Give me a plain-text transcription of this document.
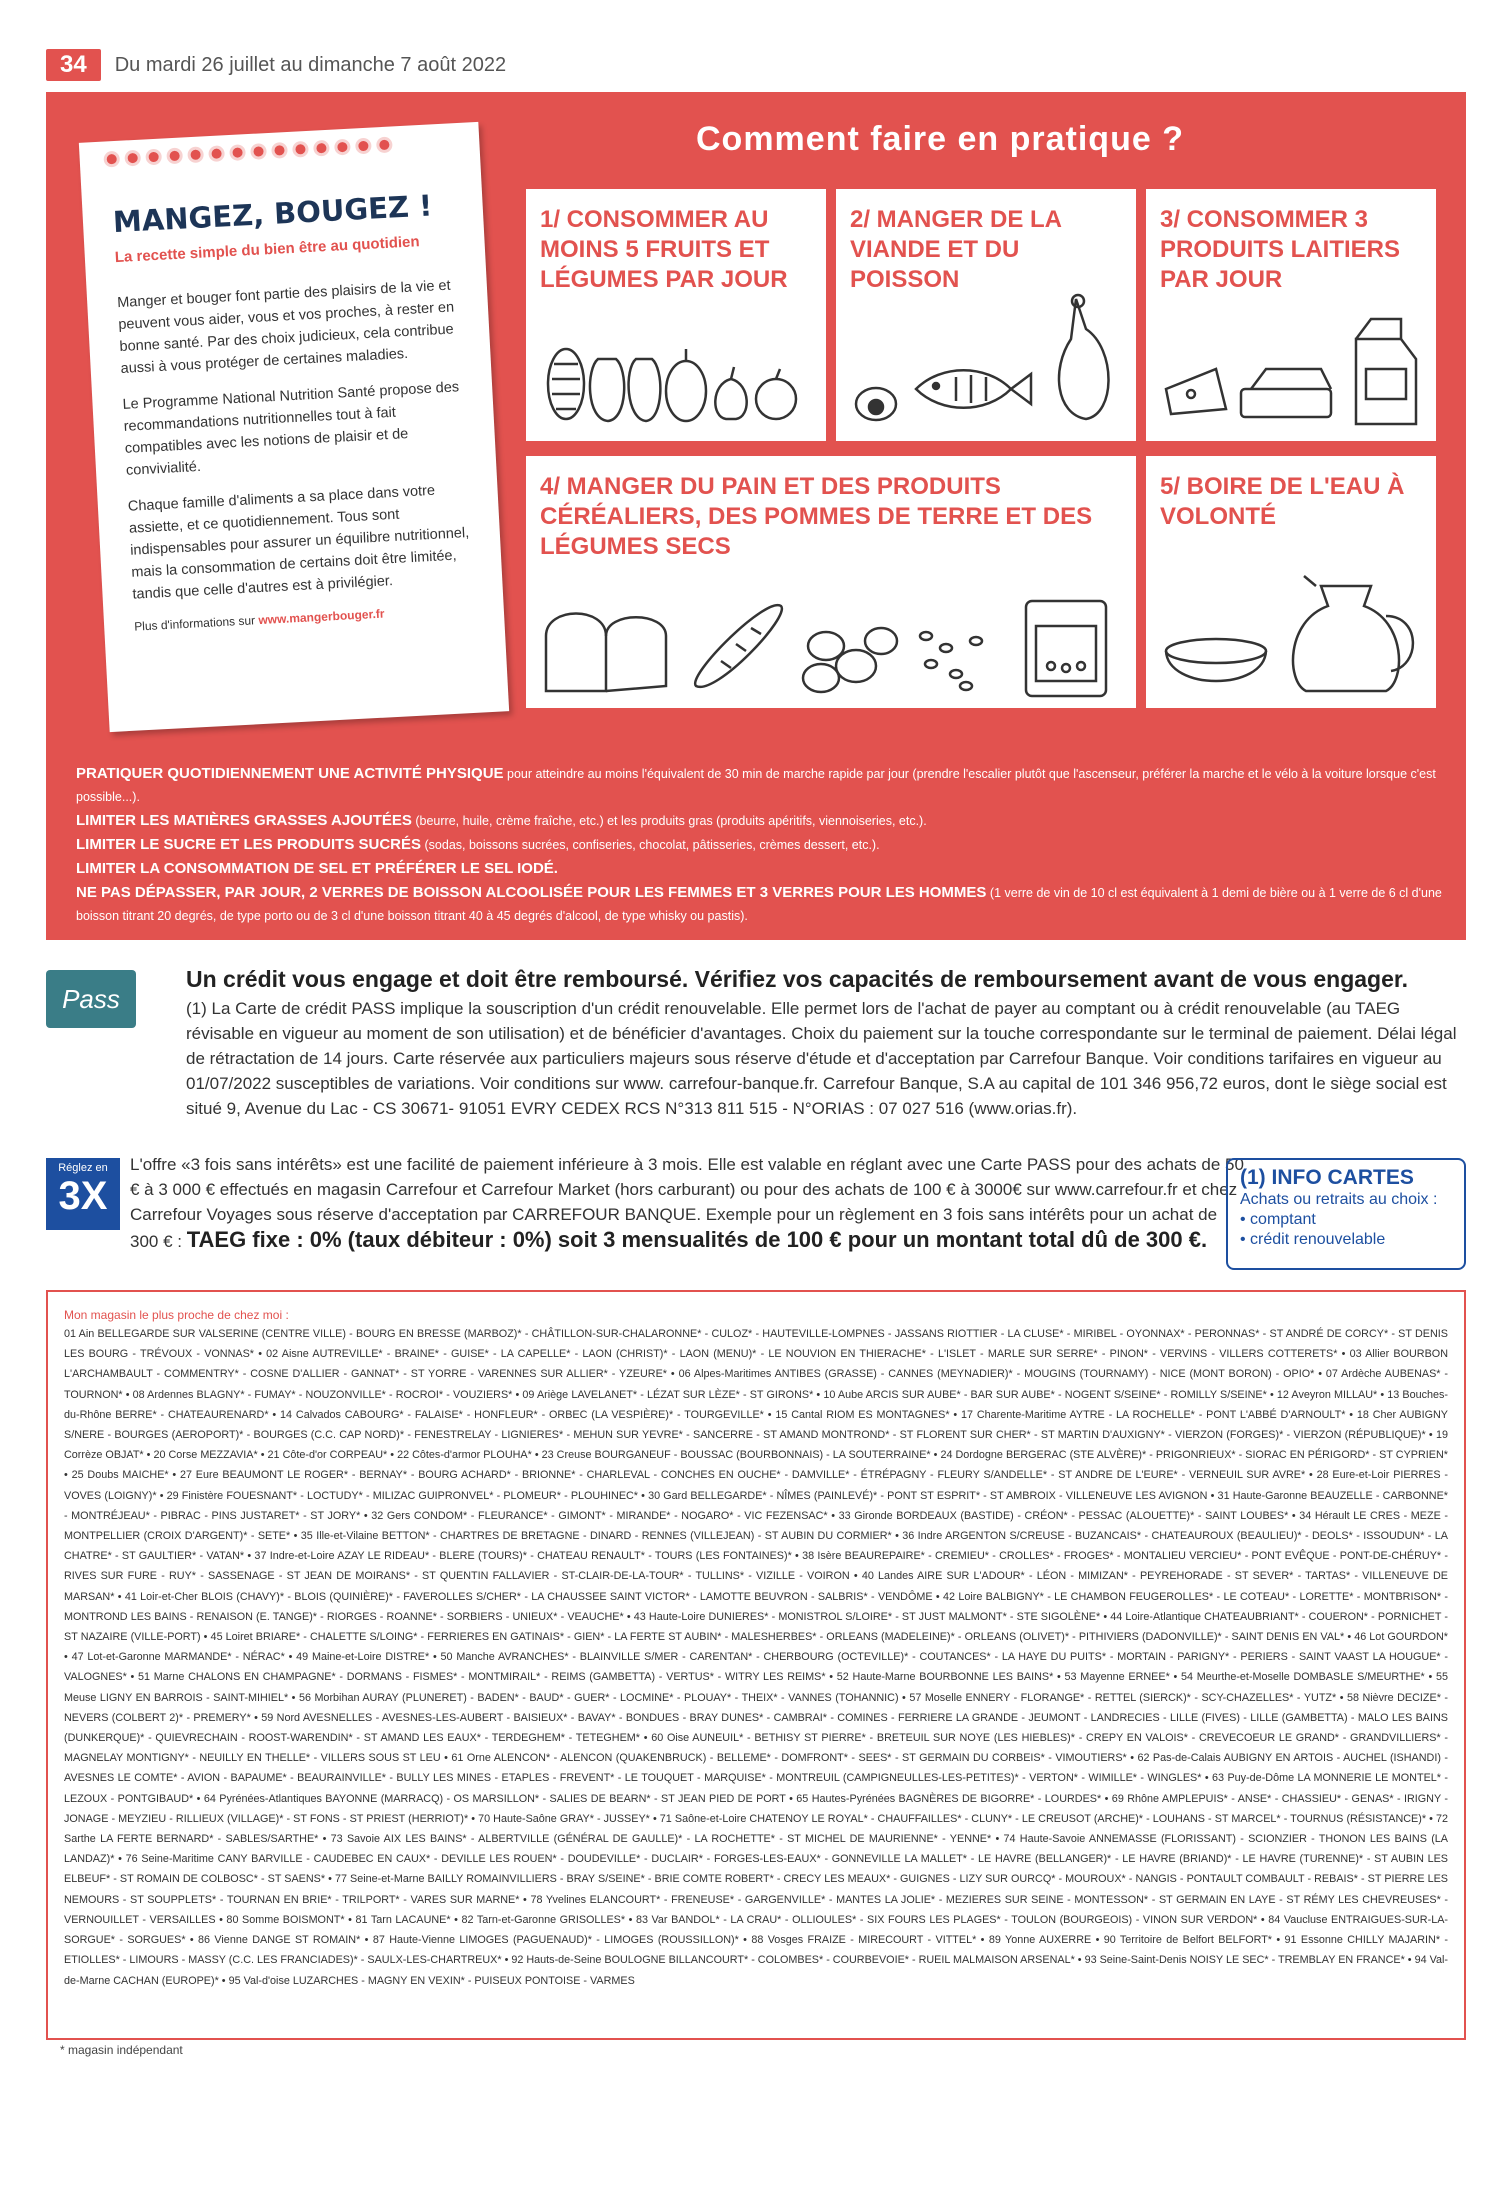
34	Du mardi 26 juillet au dimanche 7 août 2022
MANGEZ, BOUGEZ !
La recette simple du bien être au quotidien

Manger et bouger font partie des plaisirs de la vie et peuvent vous aider, vous et vos proches, à rester en bonne santé. Par des choix judicieux, cela contribue aussi à vous protéger de certaines maladies.

Le Programme National Nutrition Santé propose des recommandations nutritionnelles tout à fait compatibles avec les notions de plaisir et de convivialité.

Chaque famille d'aliments a sa place dans votre assiette, et ce quotidiennement. Tous sont indispensables pour assurer un équilibre nutritionnel, mais la consommation de certains doit être limitée, tandis que celle d'autres est à privilégier.

Plus d'informations sur www.mangerbouger.fr
Comment faire en pratique ?
1/ CONSOMMER AU MOINS 5 FRUITS ET LÉGUMES PAR JOUR
2/ MANGER DE LA VIANDE ET DU POISSON
3/ CONSOMMER 3 PRODUITS LAITIERS PAR JOUR
4/ MANGER DU PAIN ET DES PRODUITS CÉRÉALIERS, DES POMMES DE TERRE ET DES LÉGUMES SECS
5/ BOIRE DE L'EAU À VOLONTÉ
PRATIQUER QUOTIDIENNEMENT UNE ACTIVITÉ PHYSIQUE pour atteindre au moins l'équivalent de 30 min de marche rapide par jour (prendre l'escalier plutôt que l'ascenseur, préférer la marche et le vélo à la voiture lorsque c'est possible...).
LIMITER LES MATIÈRES GRASSES AJOUTÉES (beurre, huile, crème fraîche, etc.) et les produits gras (produits apéritifs, viennoiseries, etc.).
LIMITER LE SUCRE ET LES PRODUITS SUCRÉS (sodas, boissons sucrées, confiseries, chocolat, pâtisseries, crèmes dessert, etc.).
LIMITER LA CONSOMMATION DE SEL ET PRÉFÉRER LE SEL IODÉ.
NE PAS DÉPASSER, PAR JOUR, 2 VERRES DE BOISSON ALCOOLISÉE POUR LES FEMMES ET 3 VERRES POUR LES HOMMES (1 verre de vin de 10 cl est équivalent à 1 demi de bière ou à 1 verre de 6 cl d'une boisson titrant 20 degrés, de type porto ou de 3 cl d'une boisson titrant 40 à 45 degrés d'alcool, de type whisky ou pastis).
Pass
Un crédit vous engage et doit être remboursé. Vérifiez vos capacités de remboursement avant de vous engager.
(1) La Carte de crédit PASS implique la souscription d'un crédit renouvelable. Elle permet lors de l'achat de payer au comptant ou à crédit renouvelable (au TAEG révisable en vigueur au moment de son utilisation) et de bénéficier d'avantages. Choix du paiement sur la touche correspondante sur le terminal de paiement. Délai légal de rétractation de 14 jours. Carte réservée aux particuliers majeurs sous réserve d'étude et d'acceptation par Carrefour Banque. Voir conditions tarifaires en vigueur au 01/07/2022 susceptibles de variations. Voir conditions sur www. carrefour-banque.fr. Carrefour Banque, S.A au capital de 101 346 956,72 euros, dont le siège social est situé 9, Avenue du Lac - CS 30671- 91051 EVRY CEDEX RCS N°313 811 515 - N°ORIAS : 07 027 516 (www.orias.fr).
Réglez en
3X
L'offre «3 fois sans intérêts» est une facilité de paiement inférieure à 3 mois. Elle est valable en réglant avec une Carte PASS pour des achats de 50 € à 3 000 € effectués en magasin Carrefour et Carrefour Market (hors carburant) ou pour des achats de 100 € à 3000€ sur www.carrefour.fr et chez Carrefour Voyages sous réserve d'acceptation par CARREFOUR BANQUE. Exemple pour un règlement en 3 fois sans intérêts pour un achat de 300 € : TAEG fixe : 0% (taux débiteur : 0%) soit 3 mensualités de 100 € pour un montant total dû de 300 €.
(1) INFO CARTES
Achats ou retraits au choix :
• comptant
• crédit renouvelable
Mon magasin le plus proche de chez moi :
01 Ain BELLEGARDE SUR VALSERINE (CENTRE VILLE) - BOURG EN BRESSE (MARBOZ)* - CHÂTILLON-SUR-CHALARONNE* - CULOZ* - HAUTEVILLE-LOMPNES - JASSANS RIOTTIER - LA CLUSE* - MIRIBEL - OYONNAX* - PERONNAS* - ST ANDRÉ DE CORCY* - ST DENIS LES BOURG - TRÉVOUX - VONNAS* • 02 Aisne AUTREVILLE* - BRAINE* - GUISE* - LA CAPELLE* - LAON (CHRIST)* - LAON (MENU)* - LE NOUVION EN THIERACHE* - L'ISLET - MARLE SUR SERRE* - PINON* - VERVINS - VILLERS COTTERETS* • 03 Allier BOURBON L'ARCHAMBAULT - COMMENTRY* - COSNE D'ALLIER - GANNAT* - ST YORRE - VARENNES SUR ALLIER* - YZEURE* • 06 Alpes-Maritimes ANTIBES (GRASSE) - CANNES (MEYNADIER)* - MOUGINS (TOURNAMY) - NICE (MONT BORON) - OPIO* • 07 Ardèche AUBENAS* - TOURNON* • 08 Ardennes BLAGNY* - FUMAY* - NOUZONVILLE* - ROCROI* - VOUZIERS* • 09 Ariège LAVELANET* - LÉZAT SUR LÈZE* - ST GIRONS* • 10 Aube ARCIS SUR AUBE* - BAR SUR AUBE* - NOGENT S/SEINE* - ROMILLY S/SEINE* • 12 Aveyron MILLAU* • 13 Bouches-du-Rhône BERRE* - CHATEAURENARD* • 14 Calvados CABOURG* - FALAISE* - HONFLEUR* - ORBEC (LA VESPIÈRE)* - TOURGEVILLE* • 15 Cantal RIOM ES MONTAGNES* • 17 Charente-Maritime AYTRE - LA ROCHELLE* - PONT L'ABBÉ D'ARNOULT* • 18 Cher AUBIGNY S/NERE - BOURGES (AEROPORT)* - BOURGES (C.C. CAP NORD)* - FENESTRELAY - LIGNIERES* - MEHUN SUR YEVRE* - SANCERRE - ST AMAND MONTROND* - ST FLORENT SUR CHER* - ST MARTIN D'AUXIGNY* - VIERZON (FORGES)* - VIERZON (RÉPUBLIQUE)* • 19 Corrèze OBJAT* • 20 Corse MEZZAVIA* • 21 Côte-d'or CORPEAU* • 22 Côtes-d'armor PLOUHA* • 23 Creuse BOURGANEUF - BOUSSAC (BOURBONNAIS) - LA SOUTERRAINE* • 24 Dordogne BERGERAC (STE ALVÈRE)* - PRIGONRIEUX* - SIORAC EN PÉRIGORD* - ST CYPRIEN* • 25 Doubs MAICHE* • 27 Eure BEAUMONT LE ROGER* - BERNAY* - BOURG ACHARD* - BRIONNE* - CHARLEVAL - CONCHES EN OUCHE* - DAMVILLE* - ÉTRÉPAGNY - FLEURY S/ANDELLE* - ST ANDRE DE L'EURE* - VERNEUIL SUR AVRE* • 28 Eure-et-Loir PIERRES - VOVES (LOIGNY)* • 29 Finistère FOUESNANT* - LOCTUDY* - MILIZAC GUIPRONVEL* - PLOMEUR* - PLOUHINEC* • 30 Gard BELLEGARDE* - NÎMES (PAINLEVÉ)* - PONT ST ESPRIT* - ST AMBROIX - VILLENEUVE LES AVIGNON • 31 Haute-Garonne BEAUZELLE - CARBONNE* - MONTRÉJEAU* - PIBRAC - PINS JUSTARET* - ST JORY* • 32 Gers CONDOM* - FLEURANCE* - GIMONT* - MIRANDE* - NOGARO* - VIC FEZENSAC* • 33 Gironde BORDEAUX (BASTIDE) - CRÉON* - PESSAC (ALOUETTE)* - SAINT LOUBES* • 34 Hérault LE CRES - MEZE - MONTPELLIER (CROIX D'ARGENT)* - SETE* • 35 Ille-et-Vilaine BETTON* - CHARTRES DE BRETAGNE - DINARD - RENNES (VILLEJEAN) - ST AUBIN DU CORMIER* • 36 Indre ARGENTON S/CREUSE - BUZANCAIS* - CHATEAUROUX (BEAULIEU)* - DEOLS* - ISSOUDUN* - LA CHATRE* - ST GAULTIER* - VATAN* • 37 Indre-et-Loire AZAY LE RIDEAU* - BLERE (TOURS)* - CHATEAU RENAULT* - TOURS (LES FONTAINES)* • 38 Isère BEAUREPAIRE* - CREMIEU* - CROLLES* - FROGES* - MONTALIEU VERCIEU* - PONT EVÊQUE - PONT-DE-CHÉRUY* - RIVES SUR FURE - RUY* - SASSENAGE - ST JEAN DE MOIRANS* - ST QUENTIN FALLAVIER - ST-CLAIR-DE-LA-TOUR* - TULLINS* - VIZILLE - VOIRON • 40 Landes AIRE SUR L'ADOUR* - LÉON - MIMIZAN* - PEYREHORADE - ST SEVER* - TARTAS* - VILLENEUVE DE MARSAN* • 41 Loir-et-Cher BLOIS (CHAVY)* - BLOIS (QUINIÈRE)* - FAVEROLLES S/CHER* - LA CHAUSSEE SAINT VICTOR* - LAMOTTE BEUVRON - SALBRIS* - VENDÔME • 42 Loire BALBIGNY* - LE CHAMBON FEUGEROLLES* - LE COTEAU* - LORETTE* - MONTBRISON* - MONTROND LES BAINS - RENAISON (E. TANGE)* - RIORGES - ROANNE* - SORBIERS - UNIEUX* - VEAUCHE* • 43 Haute-Loire DUNIERES* - MONISTROL S/LOIRE* - ST JUST MALMONT* - STE SIGOLÈNE* • 44 Loire-Atlantique CHATEAUBRIANT* - COUERON* - PORNICHET - ST NAZAIRE (VILLE-PORT) • 45 Loiret BRIARE* - CHALETTE S/LOING* - FERRIERES EN GATINAIS* - GIEN* - LA FERTE ST AUBIN* - MALESHERBES* - ORLEANS (MADELEINE)* - ORLEANS (OLIVET)* - PITHIVIERS (DADONVILLE)* - SAINT DENIS EN VAL* • 46 Lot GOURDON* • 47 Lot-et-Garonne MARMANDE* - NÉRAC* • 49 Maine-et-Loire DISTRE* • 50 Manche AVRANCHES* - BLAINVILLE S/MER - CARENTAN* - CHERBOURG (OCTEVILLE)* - COUTANCES* - LA HAYE DU PUITS* - MORTAIN - PARIGNY* - PERIERS - SAINT VAAST LA HOUGUE* - VALOGNES* • 51 Marne CHALONS EN CHAMPAGNE* - DORMANS - FISMES* - MONTMIRAIL* - REIMS (GAMBETTA) - VERTUS* - WITRY LES REIMS* • 52 Haute-Marne BOURBONNE LES BAINS* • 53 Mayenne ERNEE* • 54 Meurthe-et-Moselle DOMBASLE S/MEURTHE* • 55 Meuse LIGNY EN BARROIS - SAINT-MIHIEL* • 56 Morbihan AURAY (PLUNERET) - BADEN* - BAUD* - GUER* - LOCMINE* - PLOUAY* - THEIX* - VANNES (TOHANNIC) • 57 Moselle ENNERY - FLORANGE* - RETTEL (SIERCK)* - SCY-CHAZELLES* - YUTZ* • 58 Nièvre DECIZE* - NEVERS (COLBERT 2)* - PREMERY* • 59 Nord AVESNELLES - AVESNES-LES-AUBERT - BAISIEUX* - BAVAY* - BONDUES - BRAY DUNES* - CAMBRAI* - COMINES - FERRIERE LA GRANDE - JEUMONT - LANDRECIES - LILLE (FIVES) - LILLE (GAMBETTA) - MALO LES BAINS (DUNKERQUE)* - QUIEVRECHAIN - ROOST-WARENDIN* - ST AMAND LES EAUX* - TERDEGHEM* - TETEGHEM* • 60 Oise AUNEUIL* - BETHISY ST PIERRE* - BRETEUIL SUR NOYE (LES HIEBLES)* - CREPY EN VALOIS* - CREVECOEUR LE GRAND* - GRANDVILLIERS* - MAGNELAY MONTIGNY* - NEUILLY EN THELLE* - VILLERS SOUS ST LEU • 61 Orne ALENCON* - ALENCON (QUAKENBRUCK) - BELLEME* - DOMFRONT* - SEES* - ST GERMAIN DU CORBEIS* - VIMOUTIERS* • 62 Pas-de-Calais AUBIGNY EN ARTOIS - AUCHEL (ISHANDI) - AVESNES LE COMTE* - AVION - BAPAUME* - BEAURAINVILLE* - BULLY LES MINES - ETAPLES - FREVENT* - LE TOUQUET - MARQUISE* - MONTREUIL (CAMPIGNEULLES-LES-PETITES)* - VERTON* - WIMILLE* - WINGLES* • 63 Puy-de-Dôme LA MONNERIE LE MONTEL* - LEZOUX - PONTGIBAUD* • 64 Pyrénées-Atlantiques BAYONNE (MARRACQ) - OS MARSILLON* - SALIES DE BEARN* - ST JEAN PIED DE PORT • 65 Hautes-Pyrénées BAGNÈRES DE BIGORRE* - LOURDES* • 69 Rhône AMPLEPUIS* - ANSE* - CHASSIEU* - GENAS* - IRIGNY - JONAGE - MEYZIEU - RILLIEUX (VILLAGE)* - ST FONS - ST PRIEST (HERRIOT)* • 70 Haute-Saône GRAY* - JUSSEY* • 71 Saône-et-Loire CHATENOY LE ROYAL* - CHAUFFAILLES* - CLUNY* - LE CREUSOT (ARCHE)* - LOUHANS - ST MARCEL* - TOURNUS (RÉSISTANCE)* • 72 Sarthe LA FERTE BERNARD* - SABLES/SARTHE* • 73 Savoie AIX LES BAINS* - ALBERTVILLE (GÉNÉRAL DE GAULLE)* - LA ROCHETTE* - ST MICHEL DE MAURIENNE* - YENNE* • 74 Haute-Savoie ANNEMASSE (FLORISSANT) - SCIONZIER - THONON LES BAINS (LA LANDAZ)* • 76 Seine-Maritime CANY BARVILLE - CAUDEBEC EN CAUX* - DEVILLE LES ROUEN* - DOUDEVILLE* - DUCLAIR* - FORGES-LES-EAUX* - GONNEVILLE LA MALLET* - LE HAVRE (BELLANGER)* - LE HAVRE (BRIAND)* - LE HAVRE (TURENNE)* - ST AUBIN LES ELBEUF* - ST ROMAIN DE COLBOSC* - ST SAENS* • 77 Seine-et-Marne BAILLY ROMAINVILLIERS - BRAY S/SEINE* - BRIE COMTE ROBERT* - CRECY LES MEAUX* - GUIGNES - LIZY SUR OURCQ* - MOUROUX* - NANGIS - PONTAULT COMBAULT - REBAIS* - ST PIERRE LES NEMOURS - ST SOUPPLETS* - TOURNAN EN BRIE* - TRILPORT* - VARES SUR MARNE* • 78 Yvelines ELANCOURT* - FRENEUSE* - GARGENVILLE* - MANTES LA JOLIE* - MEZIERES SUR SEINE - MONTESSON* - ST GERMAIN EN LAYE - ST RÉMY LES CHEVREUSES* - VERNOUILLET - VERSAILLES • 80 Somme BOISMONT* • 81 Tarn LACAUNE* • 82 Tarn-et-Garonne GRISOLLES* • 83 Var BANDOL* - LA CRAU* - OLLIOULES* - SIX FOURS LES PLAGES* - TOULON (BOURGEOIS) - VINON SUR VERDON* • 84 Vaucluse ENTRAIGUES-SUR-LA-SORGUE* - SORGUES* • 86 Vienne DANGE ST ROMAIN* • 87 Haute-Vienne LIMOGES (PAGUENAUD)* - LIMOGES (ROUSSILLON)* • 88 Vosges FRAIZE - MIRECOURT - VITTEL* • 89 Yonne AUXERRE • 90 Territoire de Belfort BELFORT* • 91 Essonne CHILLY MAJARIN* - ETIOLLES* - LIMOURS - MASSY (C.C. LES FRANCIADES)* - SAULX-LES-CHARTREUX* • 92 Hauts-de-Seine BOULOGNE BILLANCOURT* - COLOMBES* - COURBEVOIE* - RUEIL MALMAISON ARSENAL* • 93 Seine-Saint-Denis NOISY LE SEC* - TREMBLAY EN FRANCE* • 94 Val-de-Marne CACHAN (EUROPE)* • 95 Val-d'oise LUZARCHES - MAGNY EN VEXIN* - PUISEUX PONTOISE - VARMES
* magasin indépendant
